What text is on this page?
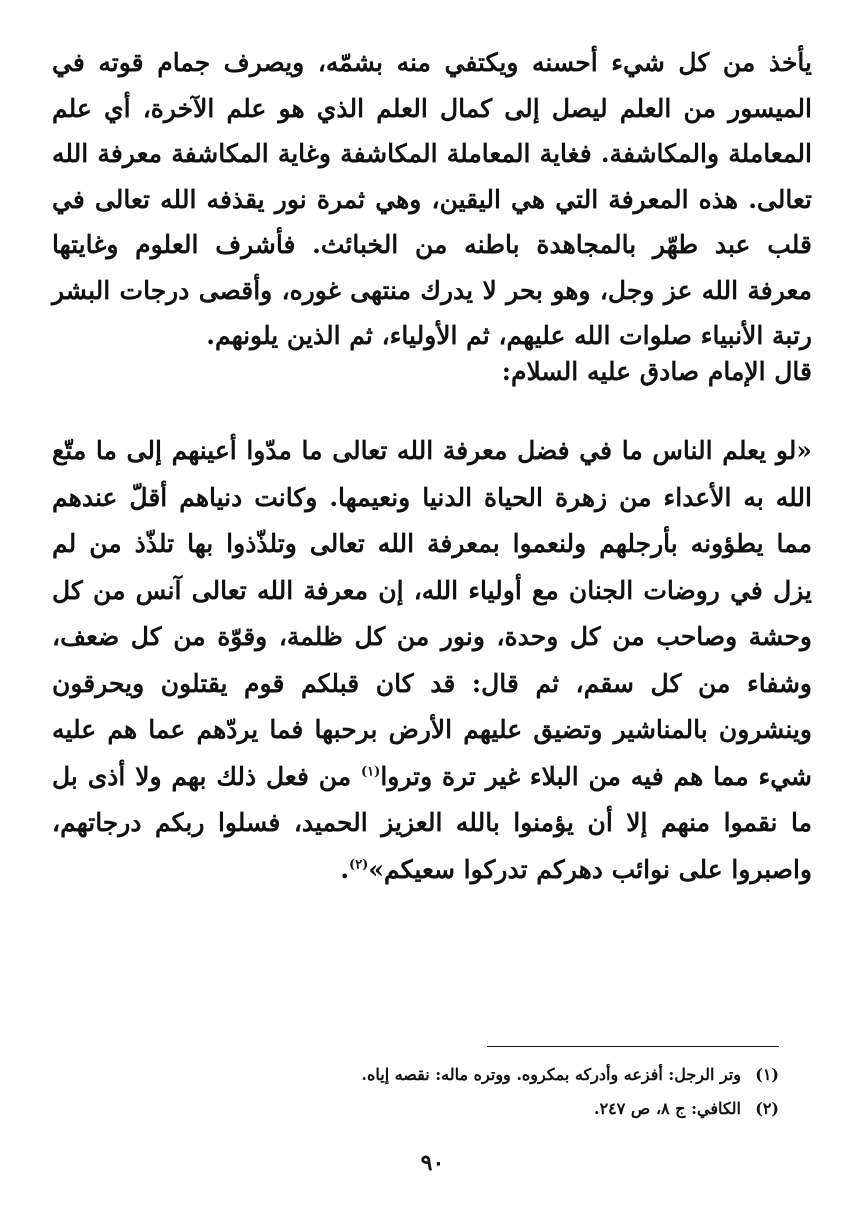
يأخذ من كل شيء أحسنه ويكتفي منه بشمّه، ويصرف جمام قوته في الميسور من العلم ليصل إلى كمال العلم الذي هو علم الآخرة، أي علم المعاملة والمكاشفة. فغاية المعاملة المكاشفة وغاية المكاشفة معرفة الله تعالى. هذه المعرفة التي هي اليقين، وهي ثمرة نور يقذفه الله تعالى في قلب عبد طهّر بالمجاهدة باطنه من الخبائث. فأشرف العلوم وغايتها معرفة الله عز وجل، وهو بحر لا يدرك منتهى غوره، وأقصى درجات البشر رتبة الأنبياء صلوات الله عليهم، ثم الأولياء، ثم الذين يلونهم.

قال الإمام صادق عليه السلام:

«لو يعلم الناس ما في فضل معرفة الله تعالى ما مدّوا أعينهم إلى ما متّع الله به الأعداء من زهرة الحياة الدنيا ونعيمها. وكانت دنياهم أقلّ عندهم مما يطؤونه بأرجلهم ولنعموا بمعرفة الله تعالى وتلذّذوا بها تلذّذ من لم يزل في روضات الجنان مع أولياء الله، إن معرفة الله تعالى آنس من كل وحشة وصاحب من كل وحدة، ونور من كل ظلمة، وقوّة من كل ضعف، وشفاء من كل سقم، ثم قال: قد كان قبلكم قوم يقتلون ويحرقون وينشرون بالمناشير وتضيق عليهم الأرض برحبها فما يردّهم عما هم عليه شيء مما هم فيه من البلاء غير ترة وتروا$^{(١)}$ من فعل ذلك بهم ولا أذى بل ما نقموا منهم إلا أن يؤمنوا بالله العزيز الحميد، فسلوا ربكم درجاتهم، واصبروا على نوائب دهركم تدركوا سعيكم»$^{(٢)}$.

(١)وتر الرجل: أفزعه وأدركه بمكروه. ووتره ماله: نقصه إياه.
(٢)الكافي: ج ٨، ص ٢٤٧.
٩٠
